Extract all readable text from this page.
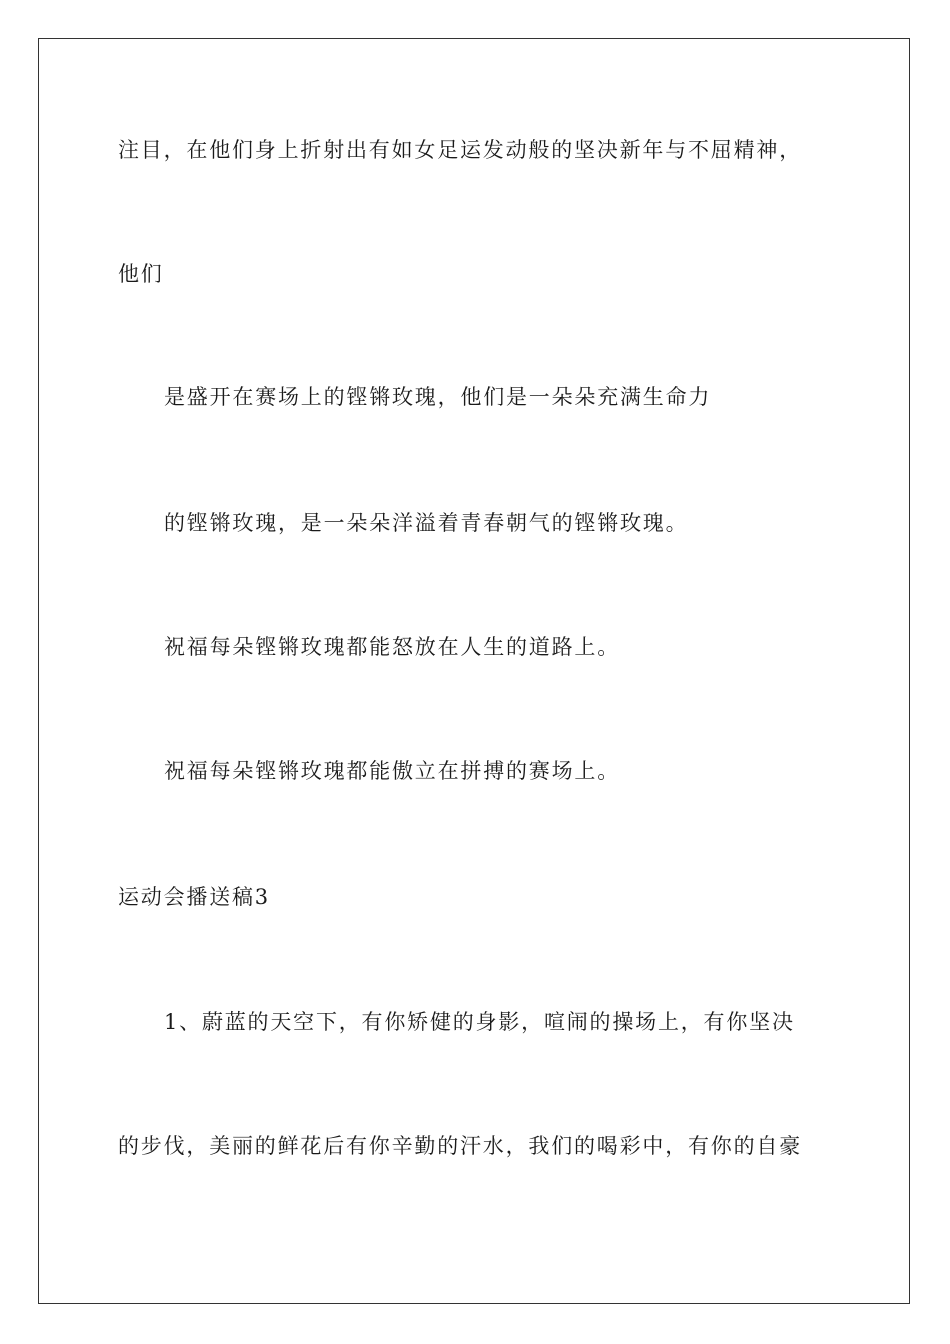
注目，在他们身上折射出有如女足运发动般的坚决新年与不屈精神，
他们
是盛开在赛场上的铿锵玫瑰，他们是一朵朵充满生命力
的铿锵玫瑰，是一朵朵洋溢着青春朝气的铿锵玫瑰。
祝福每朵铿锵玫瑰都能怒放在人生的道路上。
祝福每朵铿锵玫瑰都能傲立在拼搏的赛场上。
运动会播送稿3
1、蔚蓝的天空下，有你矫健的身影，喧闹的操场上，有你坚决
的步伐，美丽的鲜花后有你辛勤的汗水，我们的喝彩中，有你的自豪
